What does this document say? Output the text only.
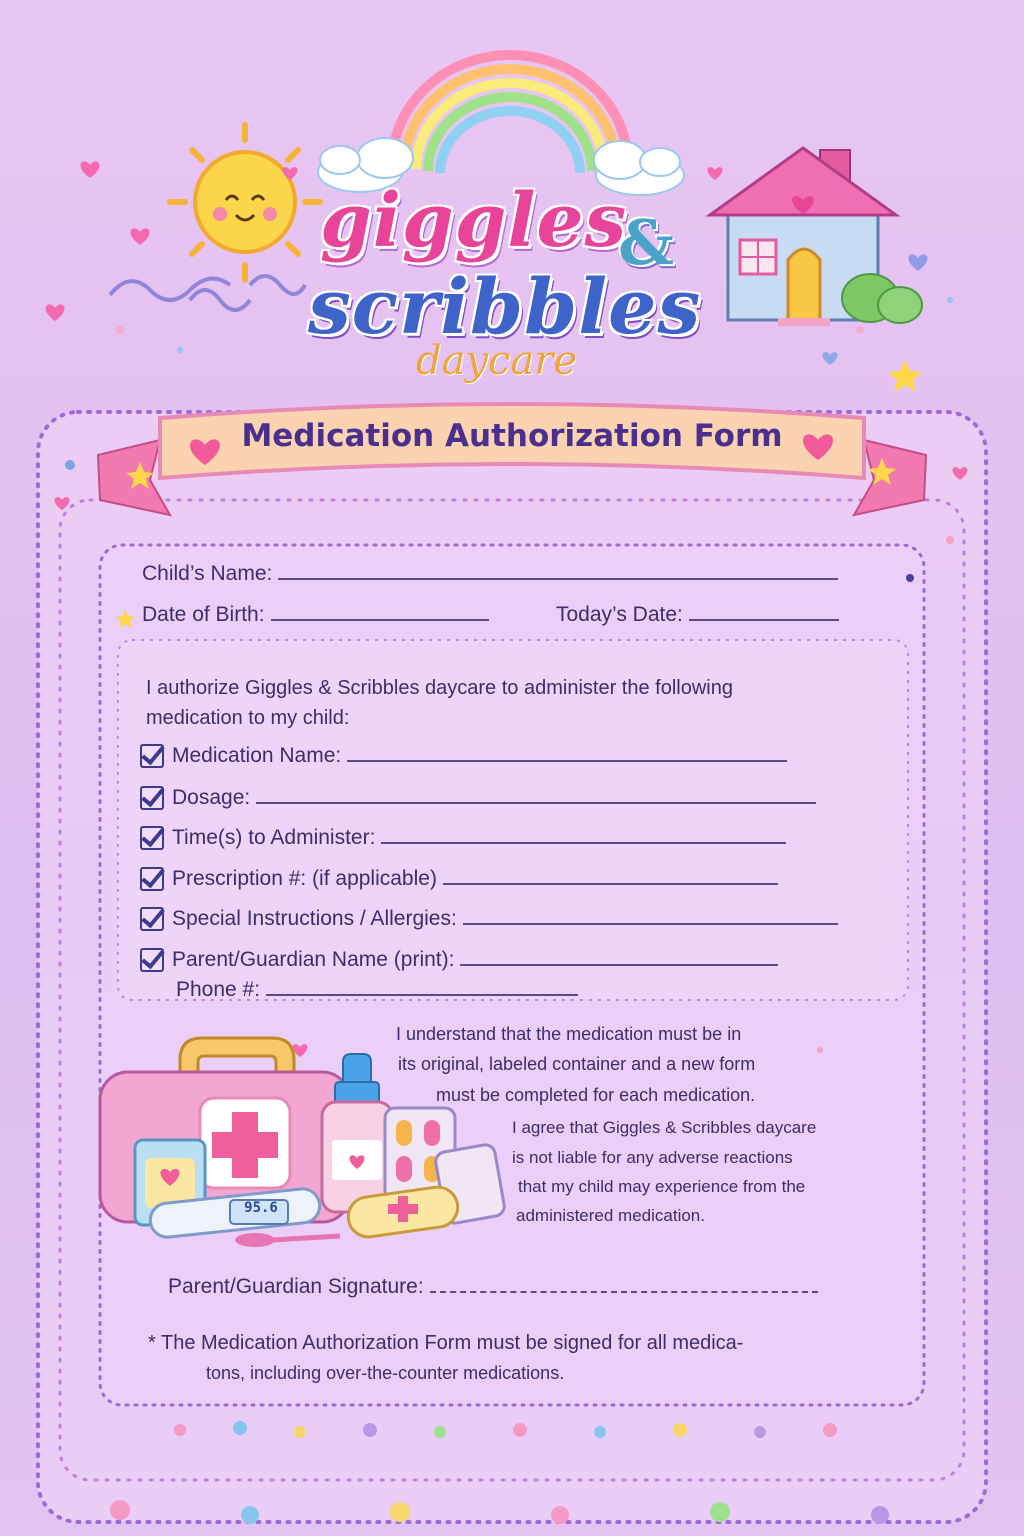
giggles
&
scribbles
daycare
Medication Authorization Form
Child’s Name:
Date of Birth:	Today’s Date:
I authorize Giggles & Scribbles daycare to administer the following
medication to my child:
Medication Name:
Dosage:
Time(s) to Administer:
Prescription #: (if applicable)
Special Instructions / Allergies:
Parent/Guardian Name (print):
Phone #:
I understand that the medication must be in
its original, labeled container and a new form
must be completed for each medication.
I agree that Giggles & Scribbles daycare
is not liable for any adverse reactions
that my child may experience from the
administered medication.
95.6
Parent/Guardian Signature:
* The Medication Authorization Form must be signed for all medica-
tons, including over-the-counter medications.
